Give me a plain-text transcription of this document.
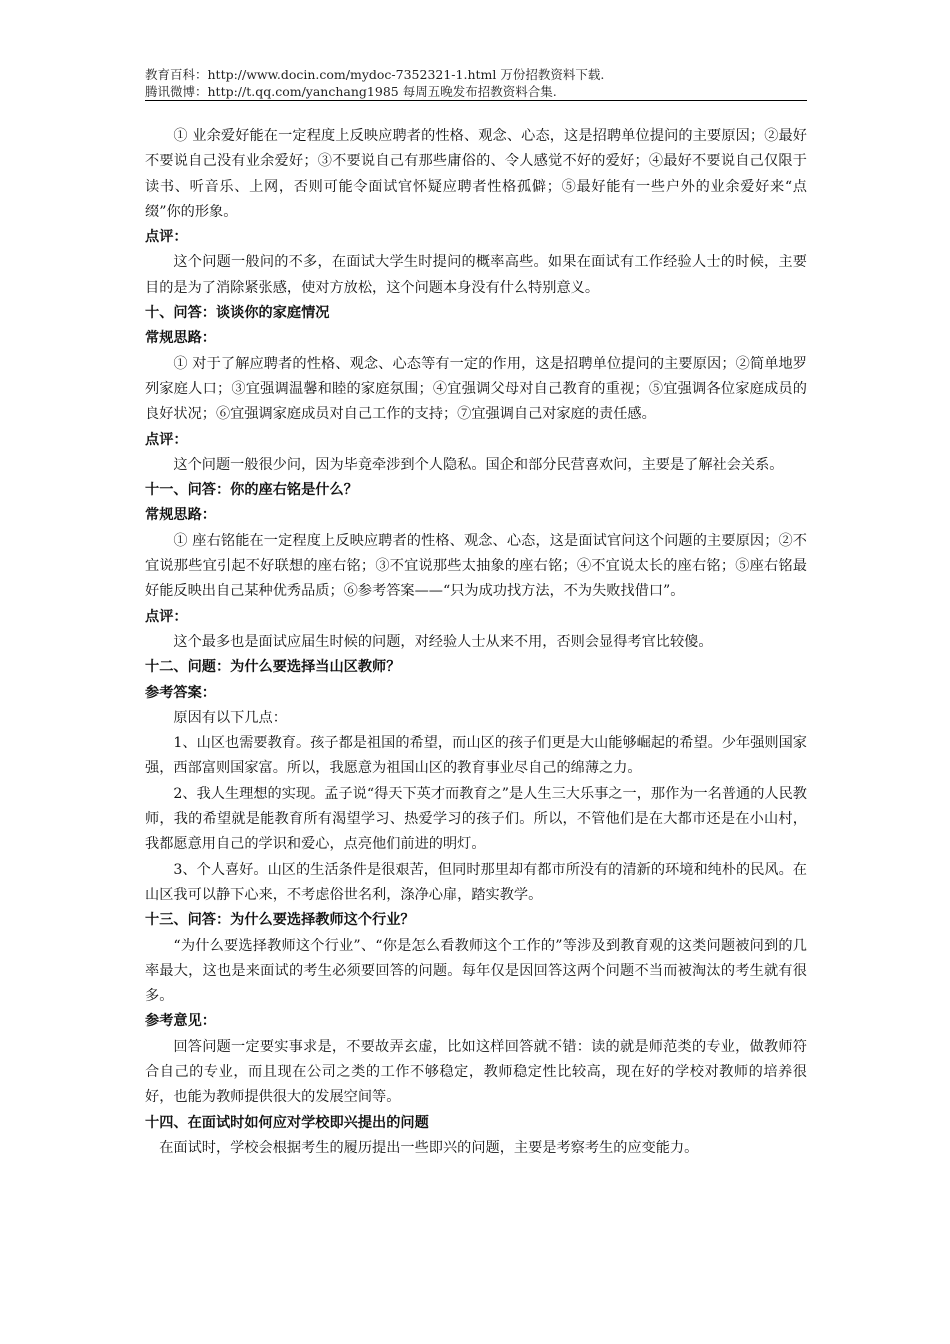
教育百科：http://www.docin.com/mydoc-7352321-1.html 万份招教资料下载.
腾讯微博：http://t.qq.com/yanchang1985 每周五晚发布招教资料合集.

① 业余爱好能在一定程度上反映应聘者的性格、观念、心态，这是招聘单位提问的主要原因；②最好不要说自己没有业余爱好；③不要说自己有那些庸俗的、令人感觉不好的爱好；④最好不要说自己仅限于读书、听音乐、上网，否则可能令面试官怀疑应聘者性格孤僻；⑤最好能有一些户外的业余爱好来“点缀”你的形象。

点评：

这个问题一般问的不多，在面试大学生时提问的概率高些。如果在面试有工作经验人士的时候，主要目的是为了消除紧张感，使对方放松，这个问题本身没有什么特别意义。

十、问答：谈谈你的家庭情况

常规思路：

① 对于了解应聘者的性格、观念、心态等有一定的作用，这是招聘单位提问的主要原因；②简单地罗列家庭人口；③宜强调温馨和睦的家庭氛围；④宜强调父母对自己教育的重视；⑤宜强调各位家庭成员的良好状况；⑥宜强调家庭成员对自己工作的支持；⑦宜强调自己对家庭的责任感。

点评：

这个问题一般很少问，因为毕竟牵涉到个人隐私。国企和部分民营喜欢问，主要是了解社会关系。

十一、问答：你的座右铭是什么？

常规思路：

① 座右铭能在一定程度上反映应聘者的性格、观念、心态，这是面试官问这个问题的主要原因；②不宜说那些宜引起不好联想的座右铭；③不宜说那些太抽象的座右铭；④不宜说太长的座右铭；⑤座右铭最好能反映出自己某种优秀品质；⑥参考答案——“只为成功找方法，不为失败找借口”。

点评：

这个最多也是面试应届生时候的问题，对经验人士从来不用，否则会显得考官比较傻。

十二、问题：为什么要选择当山区教师？

参考答案：

原因有以下几点：

1、山区也需要教育。孩子都是祖国的希望，而山区的孩子们更是大山能够崛起的希望。少年强则国家强，西部富则国家富。所以，我愿意为祖国山区的教育事业尽自己的绵薄之力。

2、我人生理想的实现。孟子说“得天下英才而教育之”是人生三大乐事之一，那作为一名普通的人民教师，我的希望就是能教育所有渴望学习、热爱学习的孩子们。所以，不管他们是在大都市还是在小山村，我都愿意用自己的学识和爱心，点亮他们前进的明灯。

3、个人喜好。山区的生活条件是很艰苦，但同时那里却有都市所没有的清新的环境和纯朴的民风。在山区我可以静下心来，不考虑俗世名利，涤净心扉，踏实教学。

十三、问答：为什么要选择教师这个行业？

“为什么要选择教师这个行业”、“你是怎么看教师这个工作的”等涉及到教育观的这类问题被问到的几率最大，这也是来面试的考生必须要回答的问题。每年仅是因回答这两个问题不当而被淘汰的考生就有很多。

参考意见：

回答问题一定要实事求是，不要故弄玄虚，比如这样回答就不错：读的就是师范类的专业，做教师符合自己的专业，而且现在公司之类的工作不够稳定，教师稳定性比较高，现在好的学校对教师的培养很好，也能为教师提供很大的发展空间等。

十四、在面试时如何应对学校即兴提出的问题

在面试时，学校会根据考生的履历提出一些即兴的问题，主要是考察考生的应变能力。
